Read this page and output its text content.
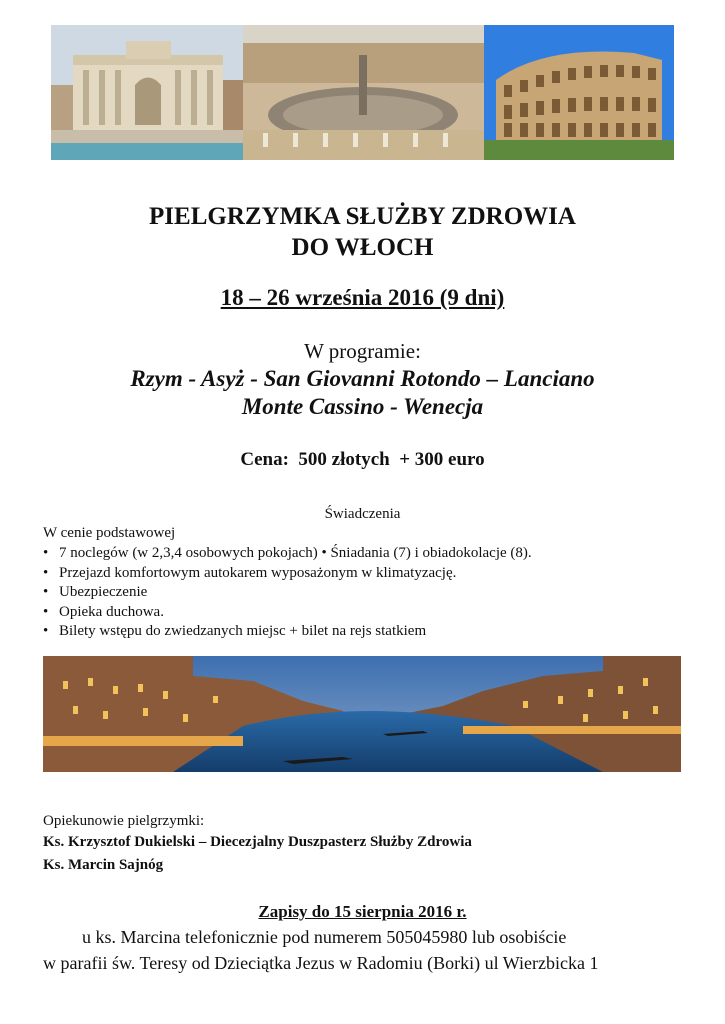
PIELGRZYMKA SŁUŻBY ZDROWIA
DO WŁOCH
18 – 26 września 2016 (9 dni)
W programie:
Rzym - Asyż - San Giovanni Rotondo – Lanciano
Monte Cassino - Wenecja
Cena:  500 złotych  + 300 euro
Świadczenia
W cenie podstawowej
• 7 noclegów (w 2,3,4 osobowych pokojach) • Śniadania (7) i obiadokolacje (8).
• Przejazd komfortowym autokarem wyposażonym w klimatyzację.
• Ubezpieczenie
• Opieka duchowa.
• Bilety wstępu do zwiedzanych miejsc + bilet na rejs statkiem
Opiekunowie pielgrzymki:
Ks. Krzysztof Dukielski – Diecezjalny Duszpasterz Służby Zdrowia
Ks. Marcin Sajnóg
Zapisy do 15 sierpnia 2016 r.
u ks. Marcina telefonicznie pod numerem 505045980 lub osobiście
w parafii św. Teresy od Dzieciątka Jezus w Radomiu (Borki) ul Wierzbicka 1
